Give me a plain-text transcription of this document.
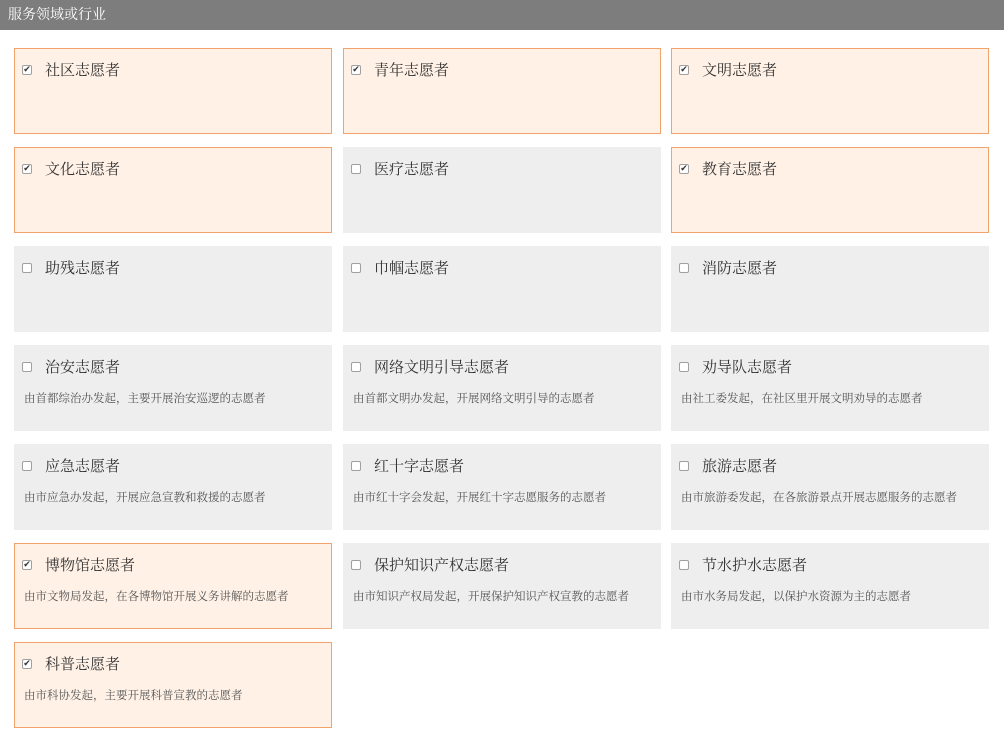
服务领域或行业
✔ 社区志愿者	✔ 青年志愿者	✔ 文明志愿者
✔ 文化志愿者	医疗志愿者	✔ 教育志愿者
助残志愿者	巾帼志愿者	消防志愿者
治安志愿者
由首都综治办发起，主要开展治安巡逻的志愿者
网络文明引导志愿者
由首都文明办发起，开展网络文明引导的志愿者
劝导队志愿者
由社工委发起，在社区里开展文明劝导的志愿者
应急志愿者
由市应急办发起，开展应急宣教和救援的志愿者
红十字志愿者
由市红十字会发起，开展红十字志愿服务的志愿者
旅游志愿者
由市旅游委发起，在各旅游景点开展志愿服务的志愿者
✔ 博物馆志愿者
由市文物局发起，在各博物馆开展义务讲解的志愿者
保护知识产权志愿者
由市知识产权局发起，开展保护知识产权宣教的志愿者
节水护水志愿者
由市水务局发起，以保护水资源为主的志愿者
✔ 科普志愿者
由市科协发起，主要开展科普宣教的志愿者
